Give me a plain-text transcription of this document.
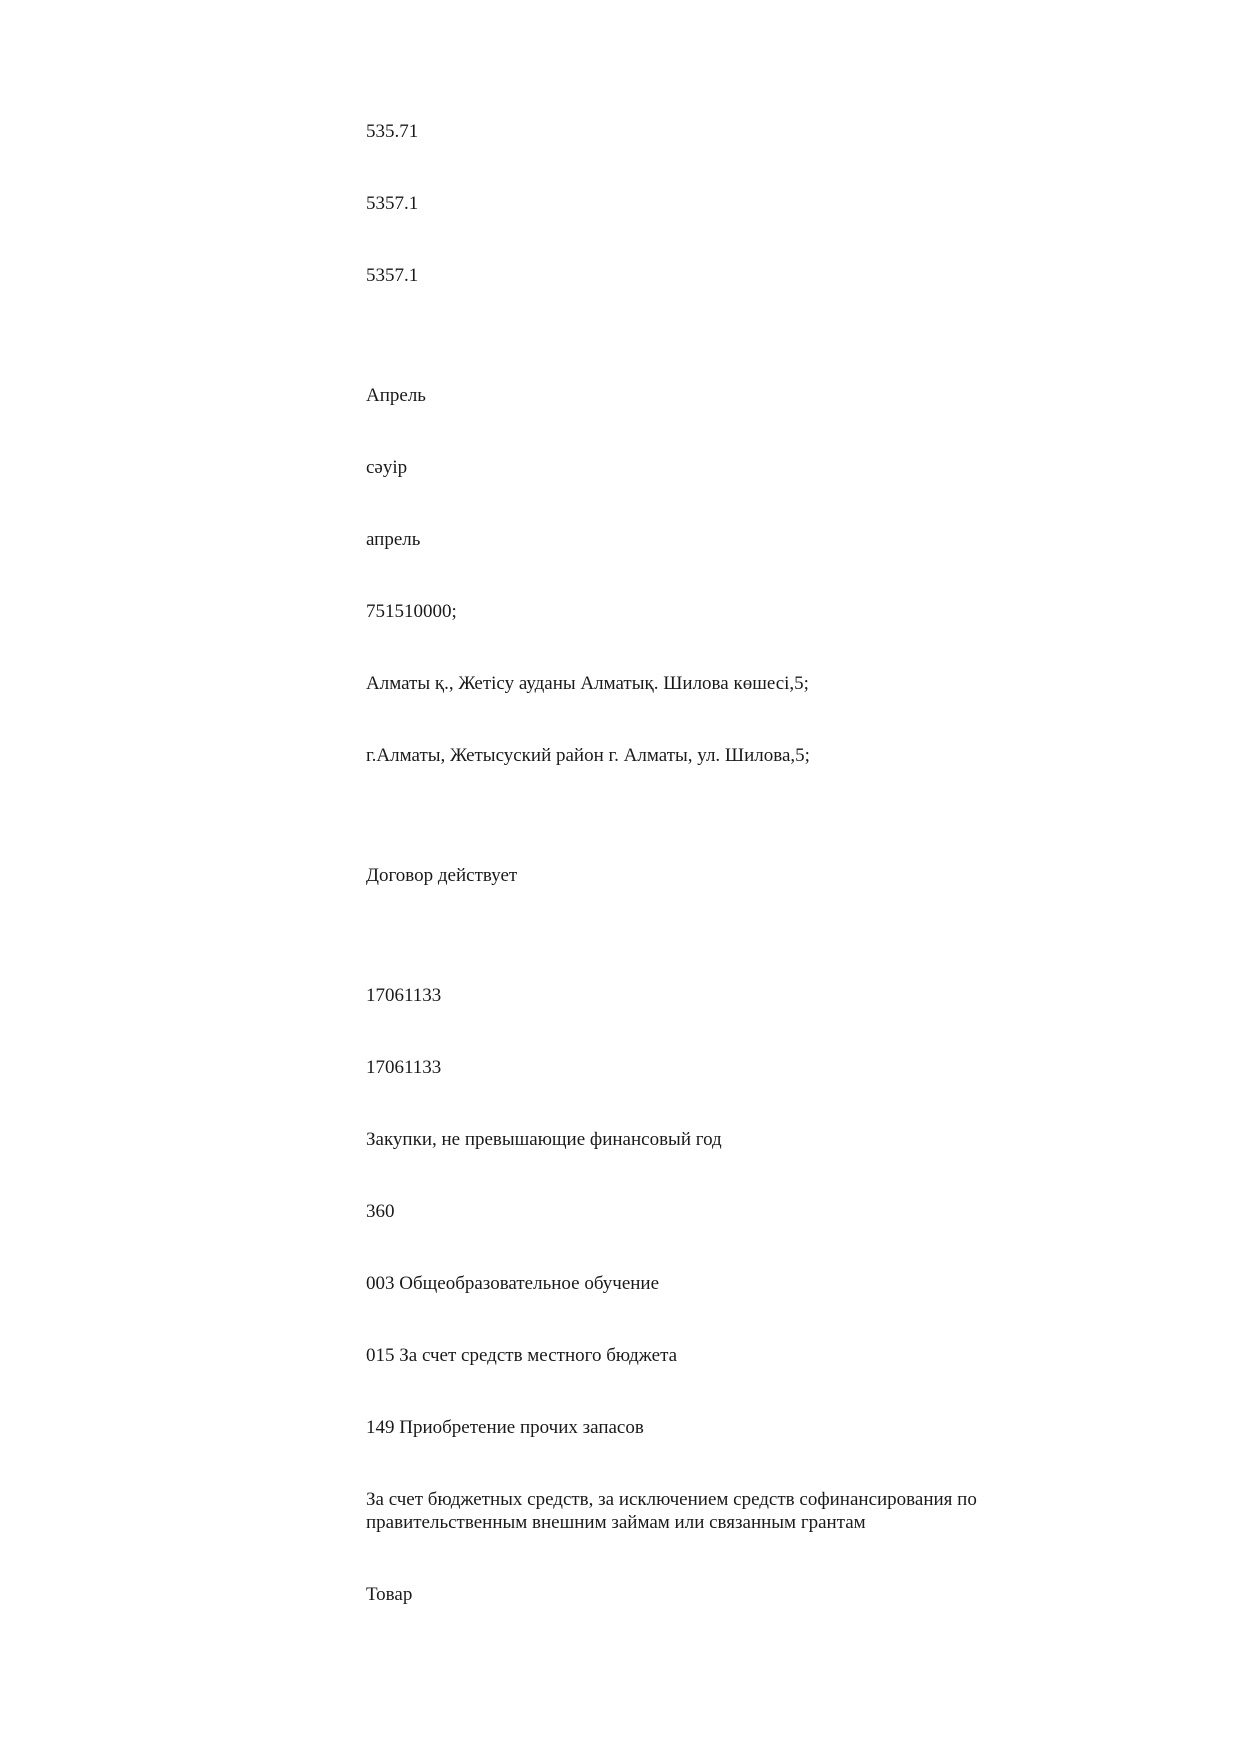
535.71

5357.1

5357.1

Апрель

сәуір

апрель

751510000;

Алматы қ., Жетісу ауданы Алматық. Шилова көшесі,5;

г.Алматы, Жетысуский район г. Алматы, ул. Шилова,5;

Договор действует

17061133

17061133

Закупки, не превышающие финансовый год

360

003 Общеобразовательное обучение

015 За счет средств местного бюджета

149 Приобретение прочих запасов

За счет бюджетных средств, за исключением средств софинансирования по правительственным внешним займам или связанным грантам

Товар
